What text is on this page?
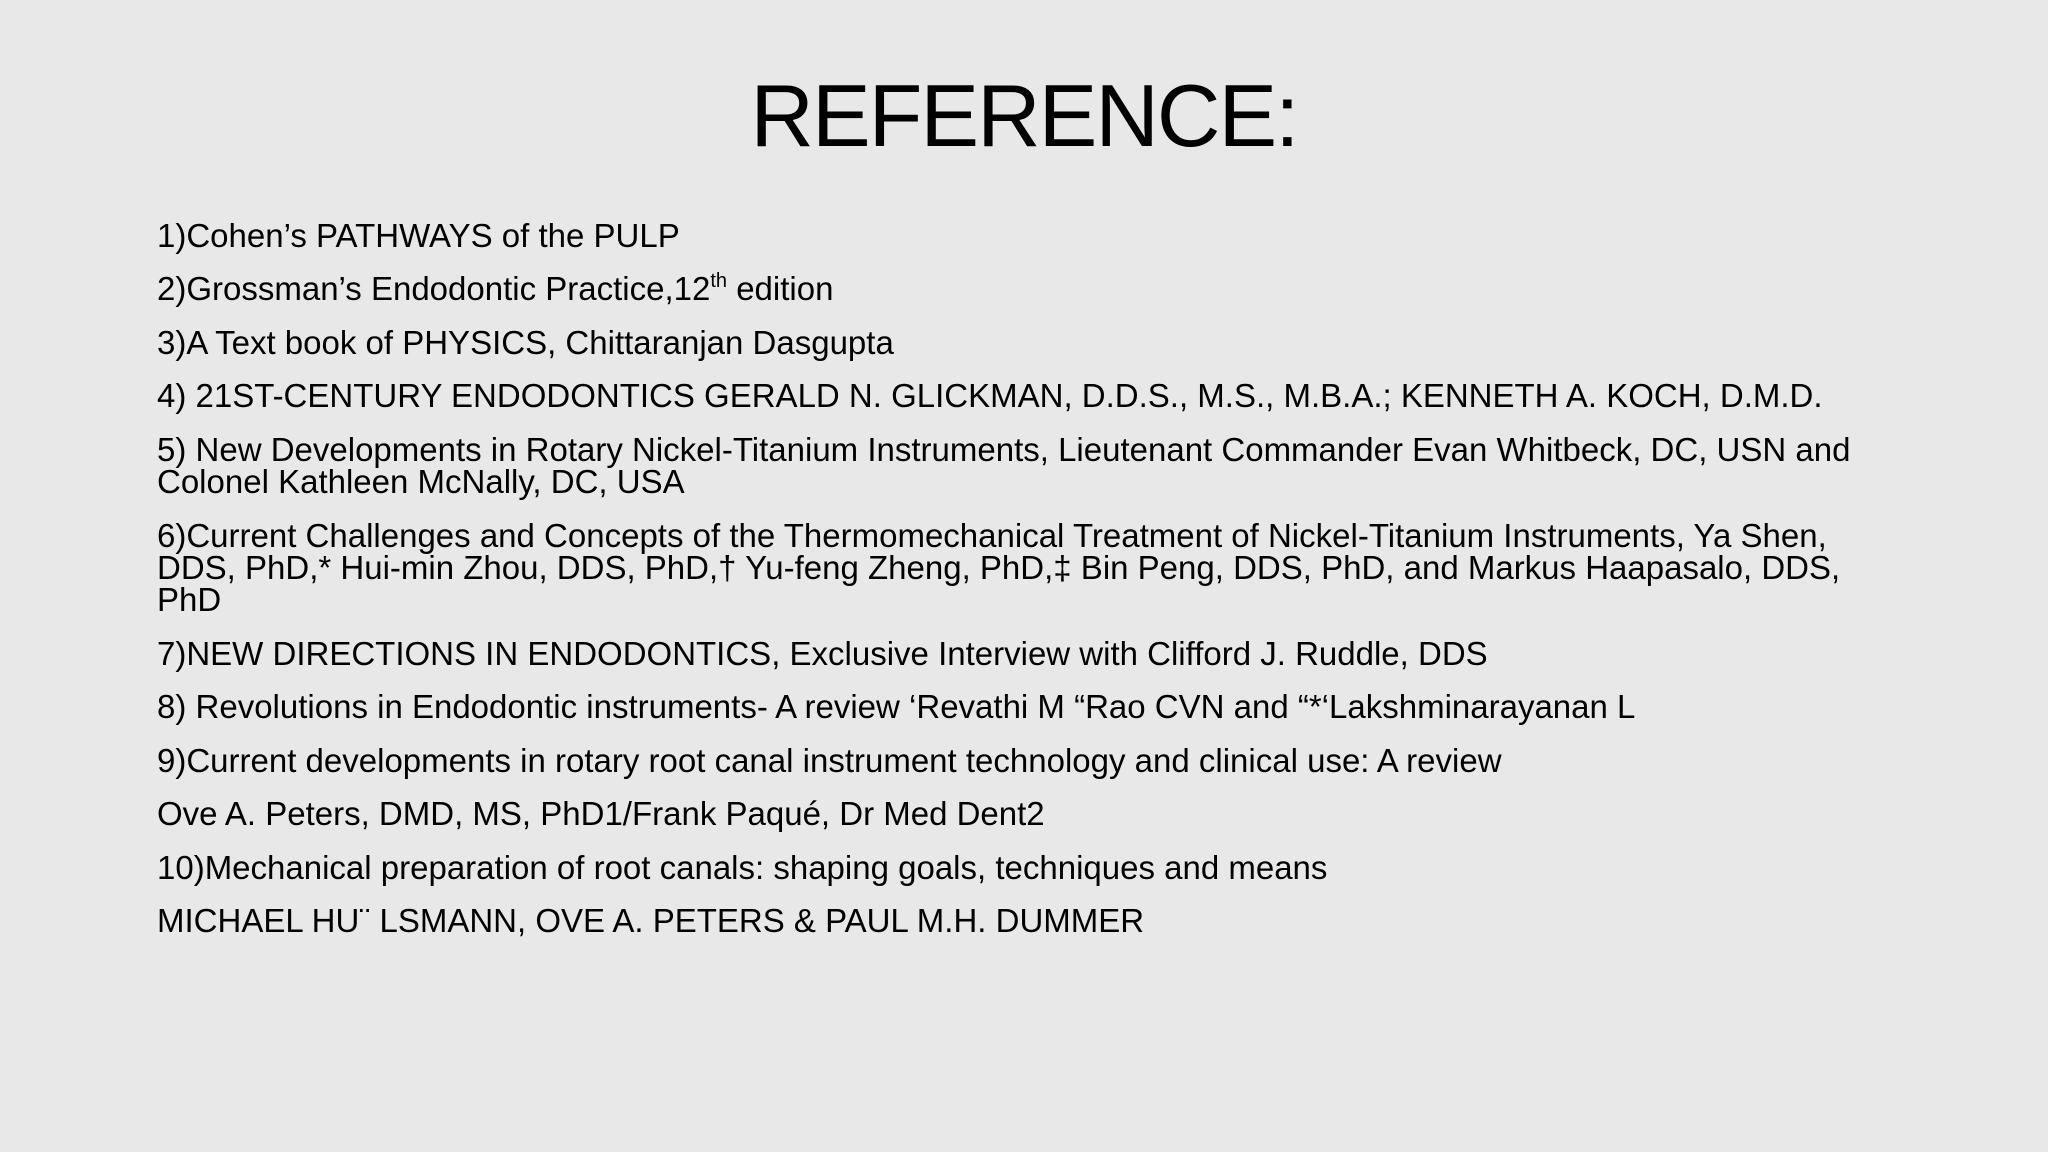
REFERENCE:

1)Cohen’s PATHWAYS of the PULP

2)Grossman’s Endodontic Practice,12th edition

3)A Text book of PHYSICS, Chittaranjan Dasgupta

4) 21ST-CENTURY ENDODONTICS GERALD N. GLICKMAN, D.D.S., M.S., M.B.A.; KENNETH A. KOCH, D.M.D.

5) New Developments in Rotary Nickel-Titanium Instruments, Lieutenant Commander Evan Whitbeck, DC, USN and Colonel Kathleen McNally, DC, USA

6)Current Challenges and Concepts of the Thermomechanical Treatment of Nickel-Titanium Instruments, Ya Shen, DDS, PhD,* Hui-min Zhou, DDS, PhD,† Yu-feng Zheng, PhD,‡ Bin Peng, DDS, PhD, and Markus Haapasalo, DDS, PhD

7)NEW DIRECTIONS IN ENDODONTICS, Exclusive Interview with Clifford J. Ruddle, DDS

8) Revolutions in Endodontic instruments- A review ‘Revathi M “Rao CVN and “*‘Lakshminarayanan L

9)Current developments in rotary root canal instrument technology and clinical use: A review

Ove A. Peters, DMD, MS, PhD1/Frank Paqué, Dr Med Dent2

10)Mechanical preparation of root canals: shaping goals, techniques and means

MICHAEL HU¨ LSMANN, OVE A. PETERS & PAUL M.H. DUMMER
